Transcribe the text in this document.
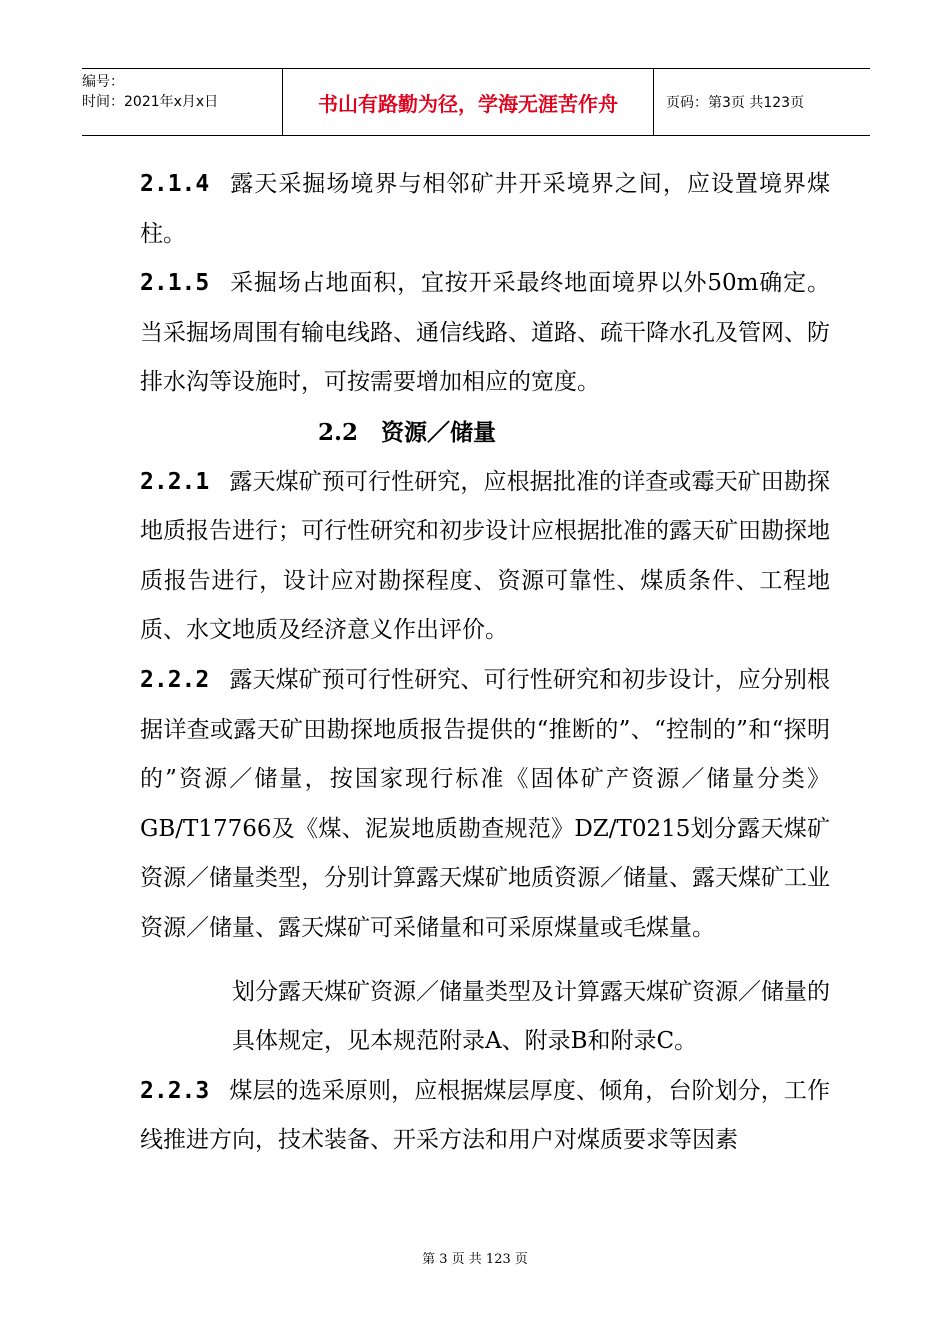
编号：
时间：2021年x月x日	书山有路勤为径，学海无涯苦作舟	页码：第3页 共123页

2.1.4 露天采掘场境界与相邻矿井开采境界之间，应设置境界煤柱。

2.1.5 采掘场占地面积，宜按开采最终地面境界以外50m确定。当采掘场周围有输电线路、通信线路、道路、疏干降水孔及管网、防排水沟等设施时，可按需要增加相应的宽度。

2.2　资源／储量

2.2.1 露天煤矿预可行性研究，应根据批准的详查或霉天矿田勘探地质报告进行；可行性研究和初步设计应根据批准的露天矿田勘探地质报告进行，设计应对勘探程度、资源可靠性、煤质条件、工程地质、水文地质及经济意义作出评价。

2.2.2 露天煤矿预可行性研究、可行性研究和初步设计，应分别根据详查或露天矿田勘探地质报告提供的“推断的”、“控制的”和“探明的”资源／储量，按国家现行标准《固体矿产资源／储量分类》GB/T17766及《煤、泥炭地质勘查规范》DZ/T0215划分露天煤矿资源／储量类型，分别计算露天煤矿地质资源／储量、露天煤矿工业资源／储量、露天煤矿可采储量和可采原煤量或毛煤量。

划分露天煤矿资源／储量类型及计算露天煤矿资源／储量的具体规定，见本规范附录A、附录B和附录C。

2.2.3 煤层的选采原则，应根据煤层厚度、倾角，台阶划分，工作线推进方向，技术装备、开采方法和用户对煤质要求等因素

第 3 页 共 123 页
